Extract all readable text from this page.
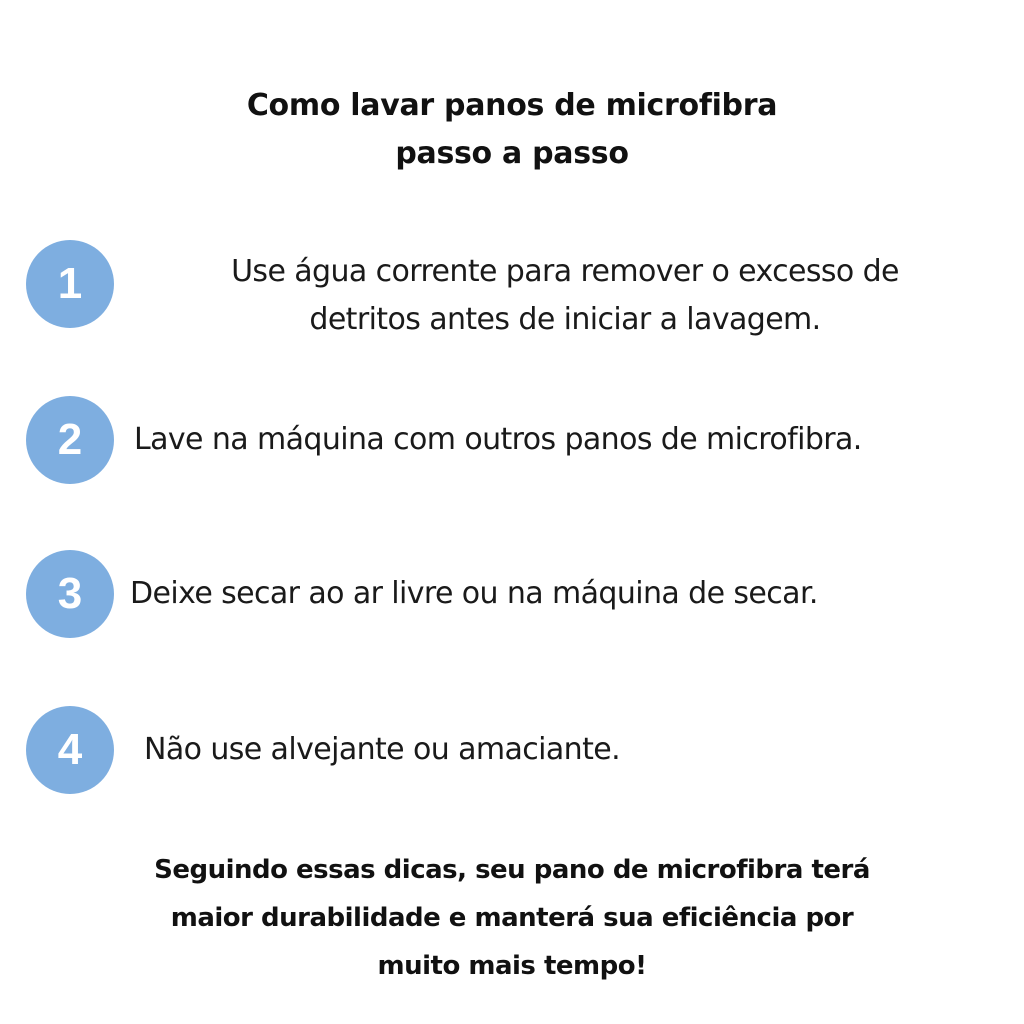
Como lavar panos de microfibra
passo a passo
1	Use água corrente para remover o excesso de
detritos antes de iniciar a lavagem.
2	Lave na máquina com outros panos de microfibra.
3	Deixe secar ao ar livre ou na máquina de secar.
4	Não use alvejante ou amaciante.
Seguindo essas dicas, seu pano de microfibra terá
maior durabilidade e manterá sua eficiência por
muito mais tempo!
